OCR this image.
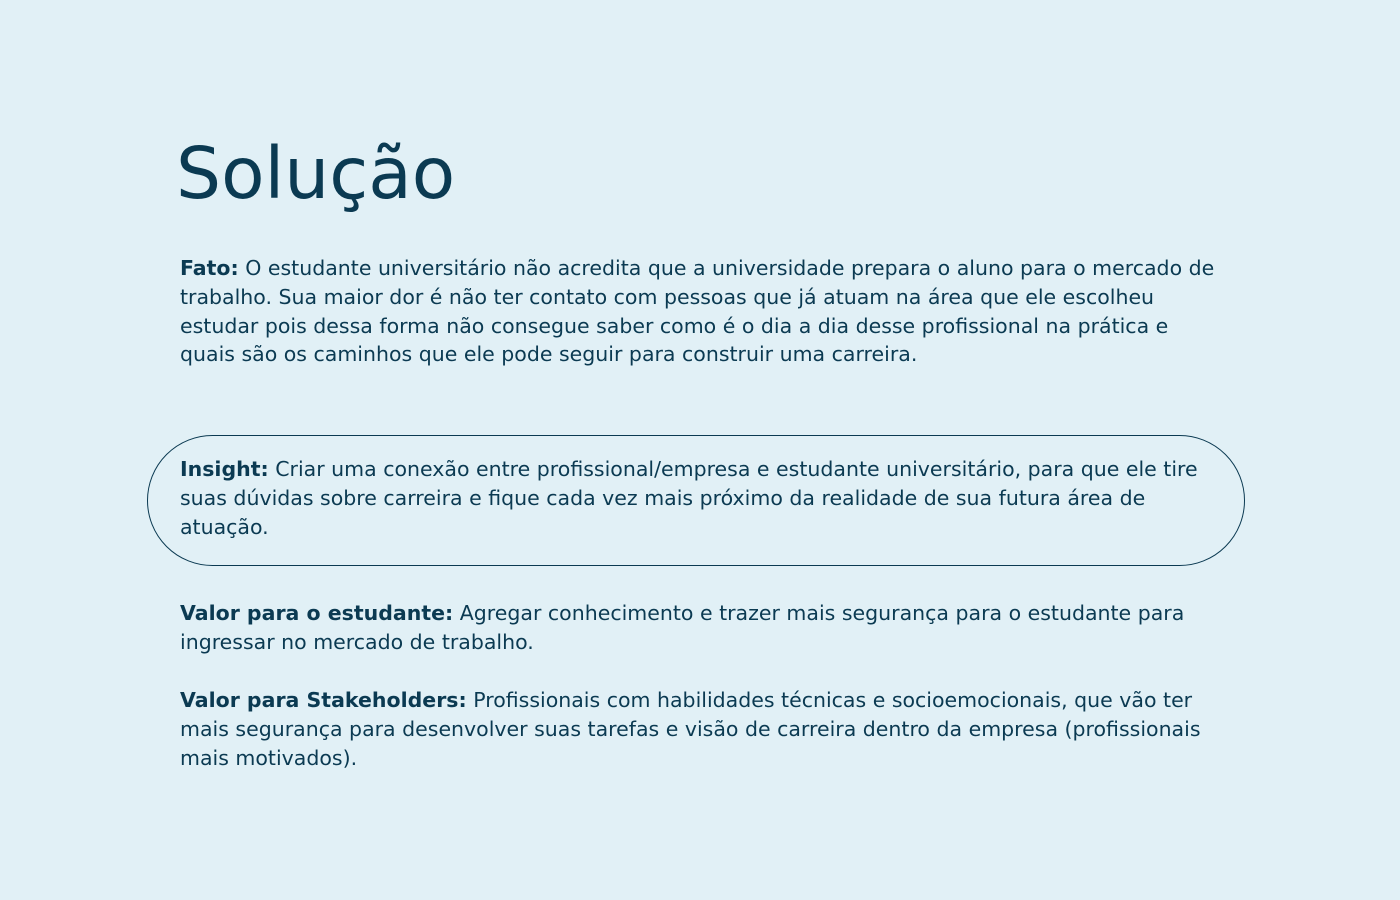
Solução

Fato: O estudante universitário não acredita que a universidade prepara o aluno para o mercado de trabalho. Sua maior dor é não ter contato com pessoas que já atuam na área que ele escolheu estudar pois dessa forma não consegue saber como é o dia a dia desse profissional na prática e quais são os caminhos que ele pode seguir para construir uma carreira.

Insight: Criar uma conexão entre profissional/empresa e estudante universitário, para que ele tire suas dúvidas sobre carreira e fique cada vez mais próximo da realidade de sua futura área de atuação.

Valor para o estudante: Agregar conhecimento e trazer mais segurança para o estudante para ingressar no mercado de trabalho.

Valor para Stakeholders: Profissionais com habilidades técnicas e socioemocionais, que vão ter mais segurança para desenvolver suas tarefas e visão de carreira dentro da empresa (profissionais mais motivados).
